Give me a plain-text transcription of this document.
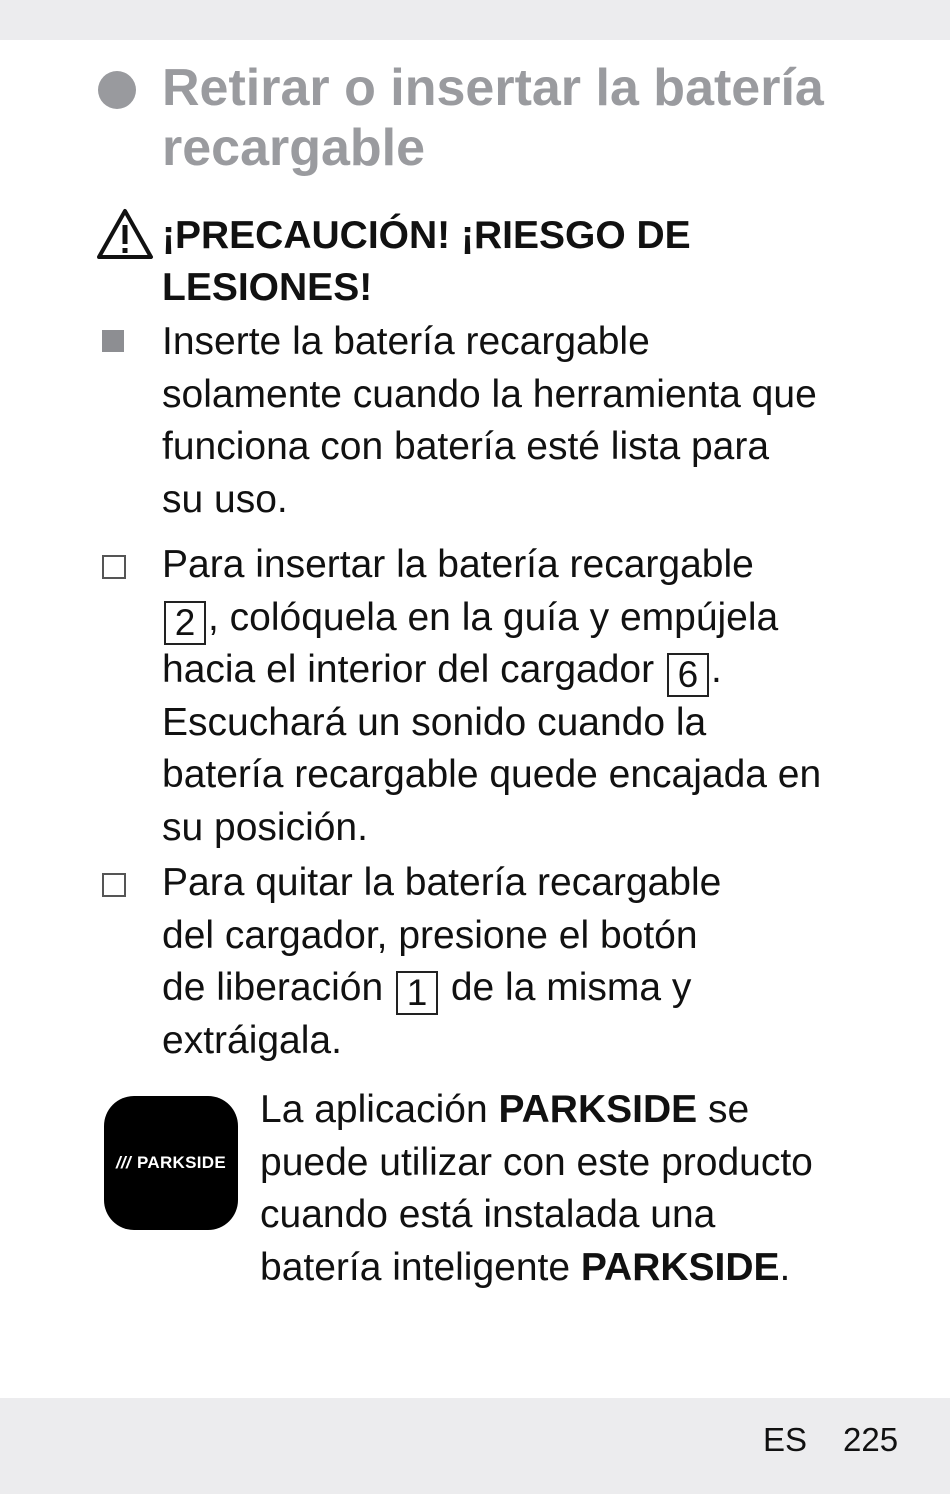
Retirar o insertar la batería
recargable
¡PRECAUCIÓN! ¡RIESGO DE
LESIONES!
Inserte la batería recargable
solamente cuando la herramienta que
funciona con batería esté lista para
su uso.
Para insertar la batería recargable
2 , colóquela en la guía y empújela
hacia el interior del cargador 6 .
Escuchará un sonido cuando la
batería recargable quede encajada en
su posición.
Para quitar la batería recargable
del cargador, presione el botón
de liberación 1 de la misma y
extráigala.
/// PARKSIDE
La aplicación PARKSIDE se
puede utilizar con este producto
cuando está instalada una
batería inteligente PARKSIDE.
ES 225
